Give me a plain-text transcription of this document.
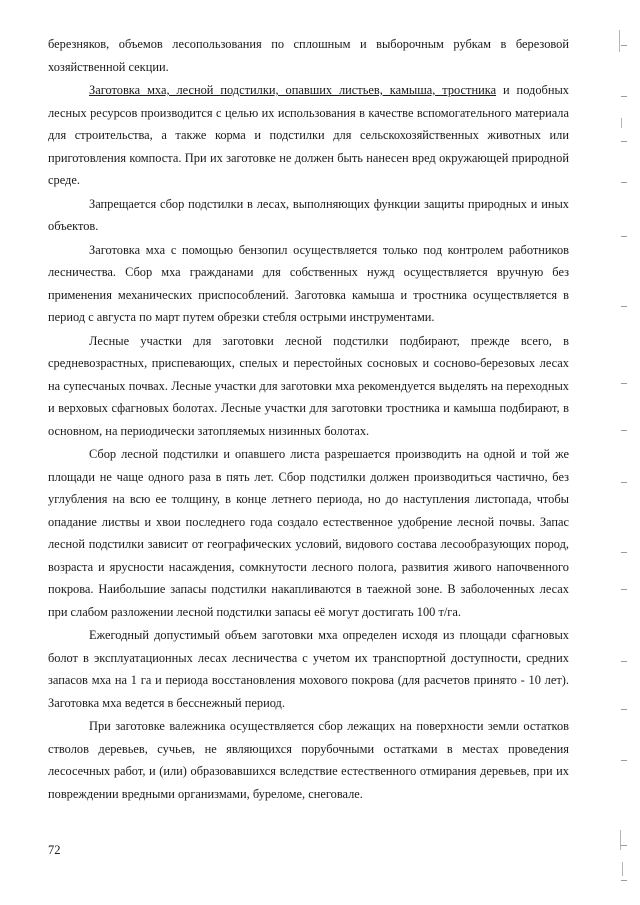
березняков, объемов лесопользования по сплошным и выборочным рубкам в березовой хозяйственной секции.

Заготовка мха, лесной подстилки, опавших листьев, камыша, тростника и подобных лесных ресурсов производится с целью их использования в качестве вспомогательного материала для строительства, а также корма и подстилки для сельскохозяйственных животных или приготовления компоста. При их заготовке не должен быть нанесен вред окружающей природной среде.

Запрещается сбор подстилки в лесах, выполняющих функции защиты природных и иных объектов.

Заготовка мха с помощью бензопил осуществляется только под контролем работников лесничества. Сбор мха гражданами для собственных нужд осуществляется вручную без применения механических приспособлений. Заготовка камыша и тростника осуществляется в период с августа по март путем обрезки стебля острыми инструментами.

Лесные участки для заготовки лесной подстилки подбирают, прежде всего, в средневозрастных, приспевающих, спелых и перестойных сосновых и сосново-березовых лесах на супесчаных почвах. Лесные участки для заготовки мха рекомендуется выделять на переходных и верховых сфагновых болотах. Лесные участки для заготовки тростника и камыша подбирают, в основном, на периодически затопляемых низинных болотах.

Сбор лесной подстилки и опавшего листа разрешается производить на одной и той же площади не чаще одного раза в пять лет. Сбор подстилки должен производиться частично, без углубления на всю ее толщину, в конце летнего периода, но до наступления листопада, чтобы опадание листвы и хвои последнего года создало естественное удобрение лесной почвы. Запас лесной подстилки зависит от географических условий, видового состава лесообразующих пород, возраста и ярусности насаждения, сомкнутости лесного полога, развития живого напочвенного покрова. Наибольшие запасы подстилки накапливаются в таежной зоне. В заболоченных лесах при слабом разложении лесной подстилки запасы её могут достигать 100 т/га.

Ежегодный допустимый объем заготовки мха определен исходя из площади сфагновых болот в эксплуатационных лесах лесничества с учетом их транспортной доступности, средних запасов мха на 1 га и периода восстановления мохового покрова (для расчетов принято - 10 лет). Заготовка мха ведется в бесснежный период.

При заготовке валежника осуществляется сбор лежащих на поверхности земли остатков стволов деревьев, сучьев, не являющихся порубочными остатками в местах проведения лесосечных работ, и (или) образовавшихся вследствие естественного отмирания деревьев, при их повреждении вредными организмами, буреломе, снеговале.

72
